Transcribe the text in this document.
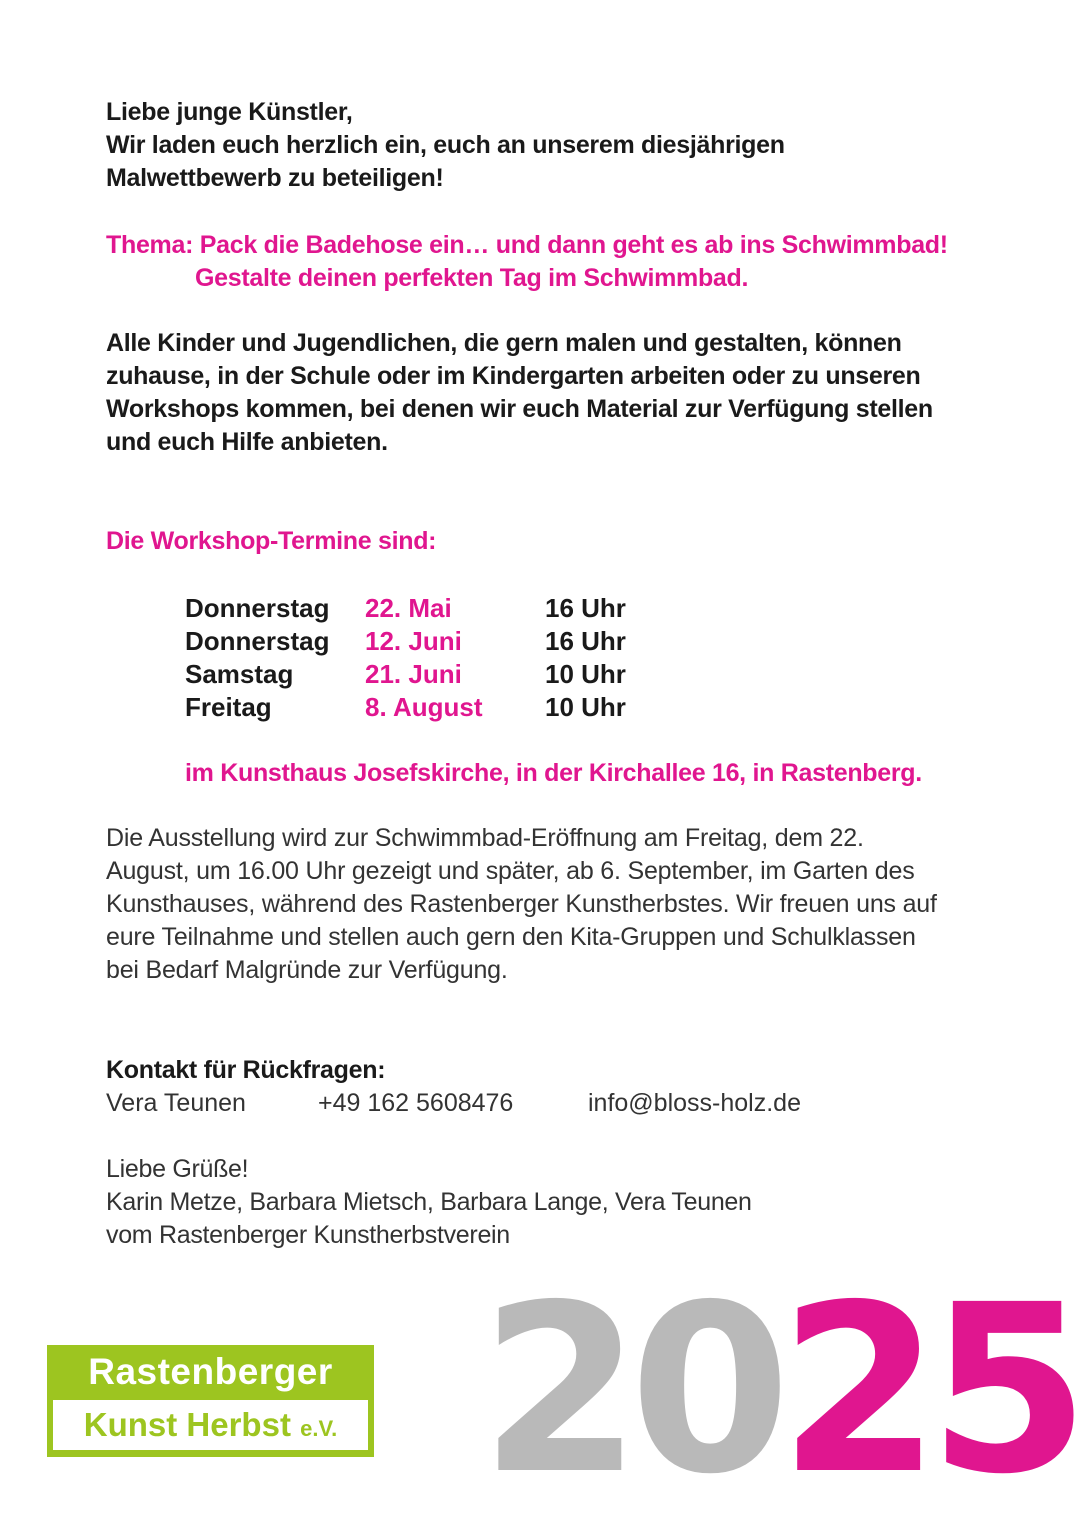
Liebe junge Künstler,
Wir laden euch herzlich ein, euch an unserem diesjährigen
Malwettbewerb zu beteiligen!
Thema: Pack die Badehose ein… und dann geht es ab ins Schwimmbad!
Gestalte deinen perfekten Tag im Schwimmbad.
Alle Kinder und Jugendlichen, die gern malen und gestalten, können zuhause, in der Schule oder im Kindergarten arbeiten oder zu unseren Workshops kommen, bei denen wir euch Material zur Verfügung stellen und euch Hilfe anbieten.
Die Workshop-Termine sind:
Donnerstag	22. Mai	16 Uhr
Donnerstag	12. Juni	16 Uhr
Samstag	21. Juni	10 Uhr
Freitag	8. August	10 Uhr
im Kunsthaus Josefskirche, in der Kirchallee 16, in Rastenberg.
Die Ausstellung wird zur Schwimmbad-Eröffnung am Freitag, dem 22. August, um 16.00 Uhr gezeigt und später, ab 6. September, im Garten des Kunsthauses, während des Rastenberger Kunstherbstes. Wir freuen uns auf eure Teilnahme und stellen auch gern den Kita-Gruppen und Schulklassen bei Bedarf Malgründe zur Verfügung.
Kontakt für Rückfragen:
Vera Teunen	+49 162 5608476	info@bloss-holz.de
Liebe Grüße!
Karin Metze, Barbara Mietsch, Barbara Lange, Vera Teunen
vom Rastenberger Kunstherbstverein
Rastenberger
Kunst Herbst e.V. 2025
